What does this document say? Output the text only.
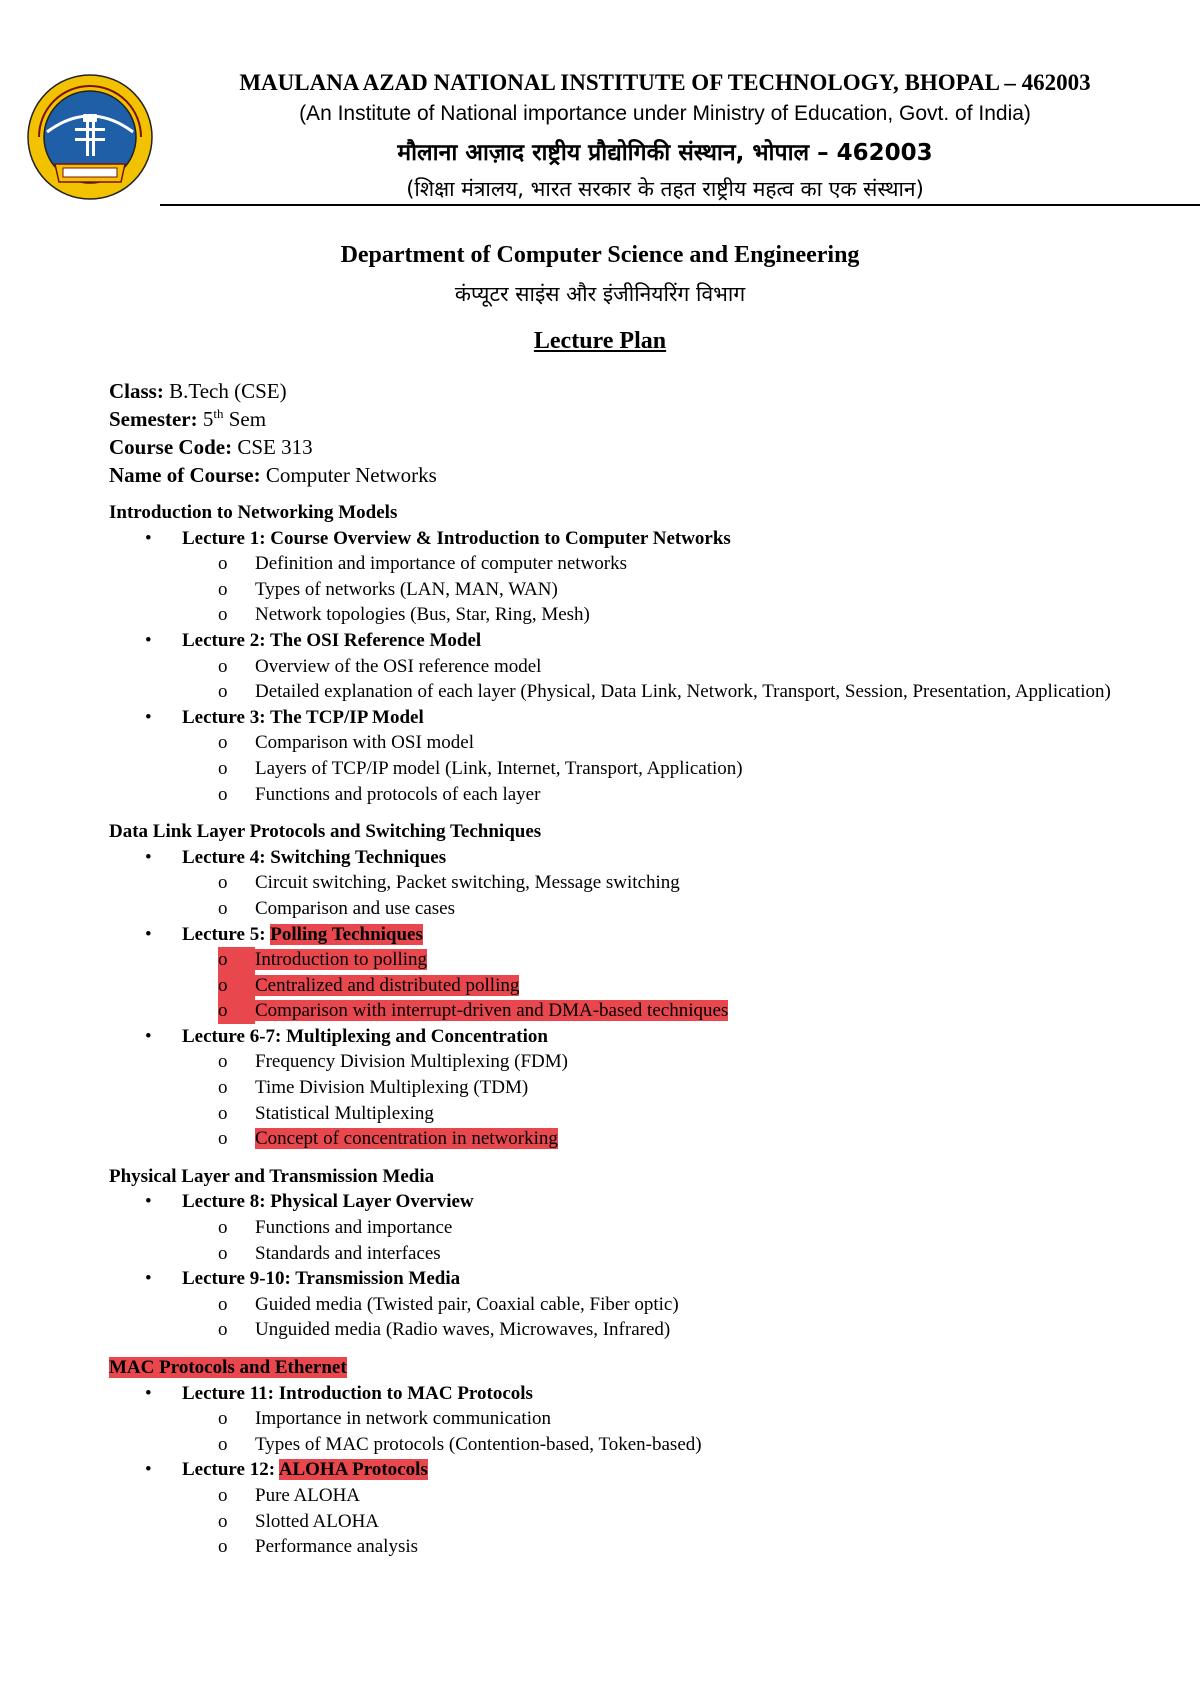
MAULANA AZAD NATIONAL INSTITUTE OF TECHNOLOGY, BHOPAL – 462003
(An Institute of National importance under Ministry of Education, Govt. of India)
मौलाना आज़ाद राष्ट्रीय प्रौद्योगिकी संस्थान, भोपाल – 462003
(शिक्षा मंत्रालय, भारत सरकार के तहत राष्ट्रीय महत्व का एक संस्थान)
Department of Computer Science and Engineering
कंप्यूटर साइंस और इंजीनियरिंग विभाग
Lecture Plan
Class: B.Tech (CSE)
Semester: 5th Sem
Course Code: CSE 313
Name of Course: Computer Networks
Introduction to Networking Models
• Lecture 1: Course Overview & Introduction to Computer Networks
o Definition and importance of computer networks
o Types of networks (LAN, MAN, WAN)
o Network topologies (Bus, Star, Ring, Mesh)
• Lecture 2: The OSI Reference Model
o Overview of the OSI reference model
o Detailed explanation of each layer (Physical, Data Link, Network, Transport, Session, Presentation, Application)
• Lecture 3: The TCP/IP Model
o Comparison with OSI model
o Layers of TCP/IP model (Link, Internet, Transport, Application)
o Functions and protocols of each layer
Data Link Layer Protocols and Switching Techniques
• Lecture 4: Switching Techniques
o Circuit switching, Packet switching, Message switching
o Comparison and use cases
• Lecture 5: Polling Techniques
o	Introduction to polling
o	Centralized and distributed polling
o	Comparison with interrupt-driven and DMA-based techniques
• Lecture 6-7: Multiplexing and Concentration
o Frequency Division Multiplexing (FDM)
o Time Division Multiplexing (TDM)
o Statistical Multiplexing
o Concept of concentration in networking
Physical Layer and Transmission Media
• Lecture 8: Physical Layer Overview
o Functions and importance
o Standards and interfaces
• Lecture 9-10: Transmission Media
o Guided media (Twisted pair, Coaxial cable, Fiber optic)
o Unguided media (Radio waves, Microwaves, Infrared)
MAC Protocols and Ethernet
• Lecture 11: Introduction to MAC Protocols
o Importance in network communication
o Types of MAC protocols (Contention-based, Token-based)
• Lecture 12: ALOHA Protocols
o Pure ALOHA
o Slotted ALOHA
o Performance analysis
